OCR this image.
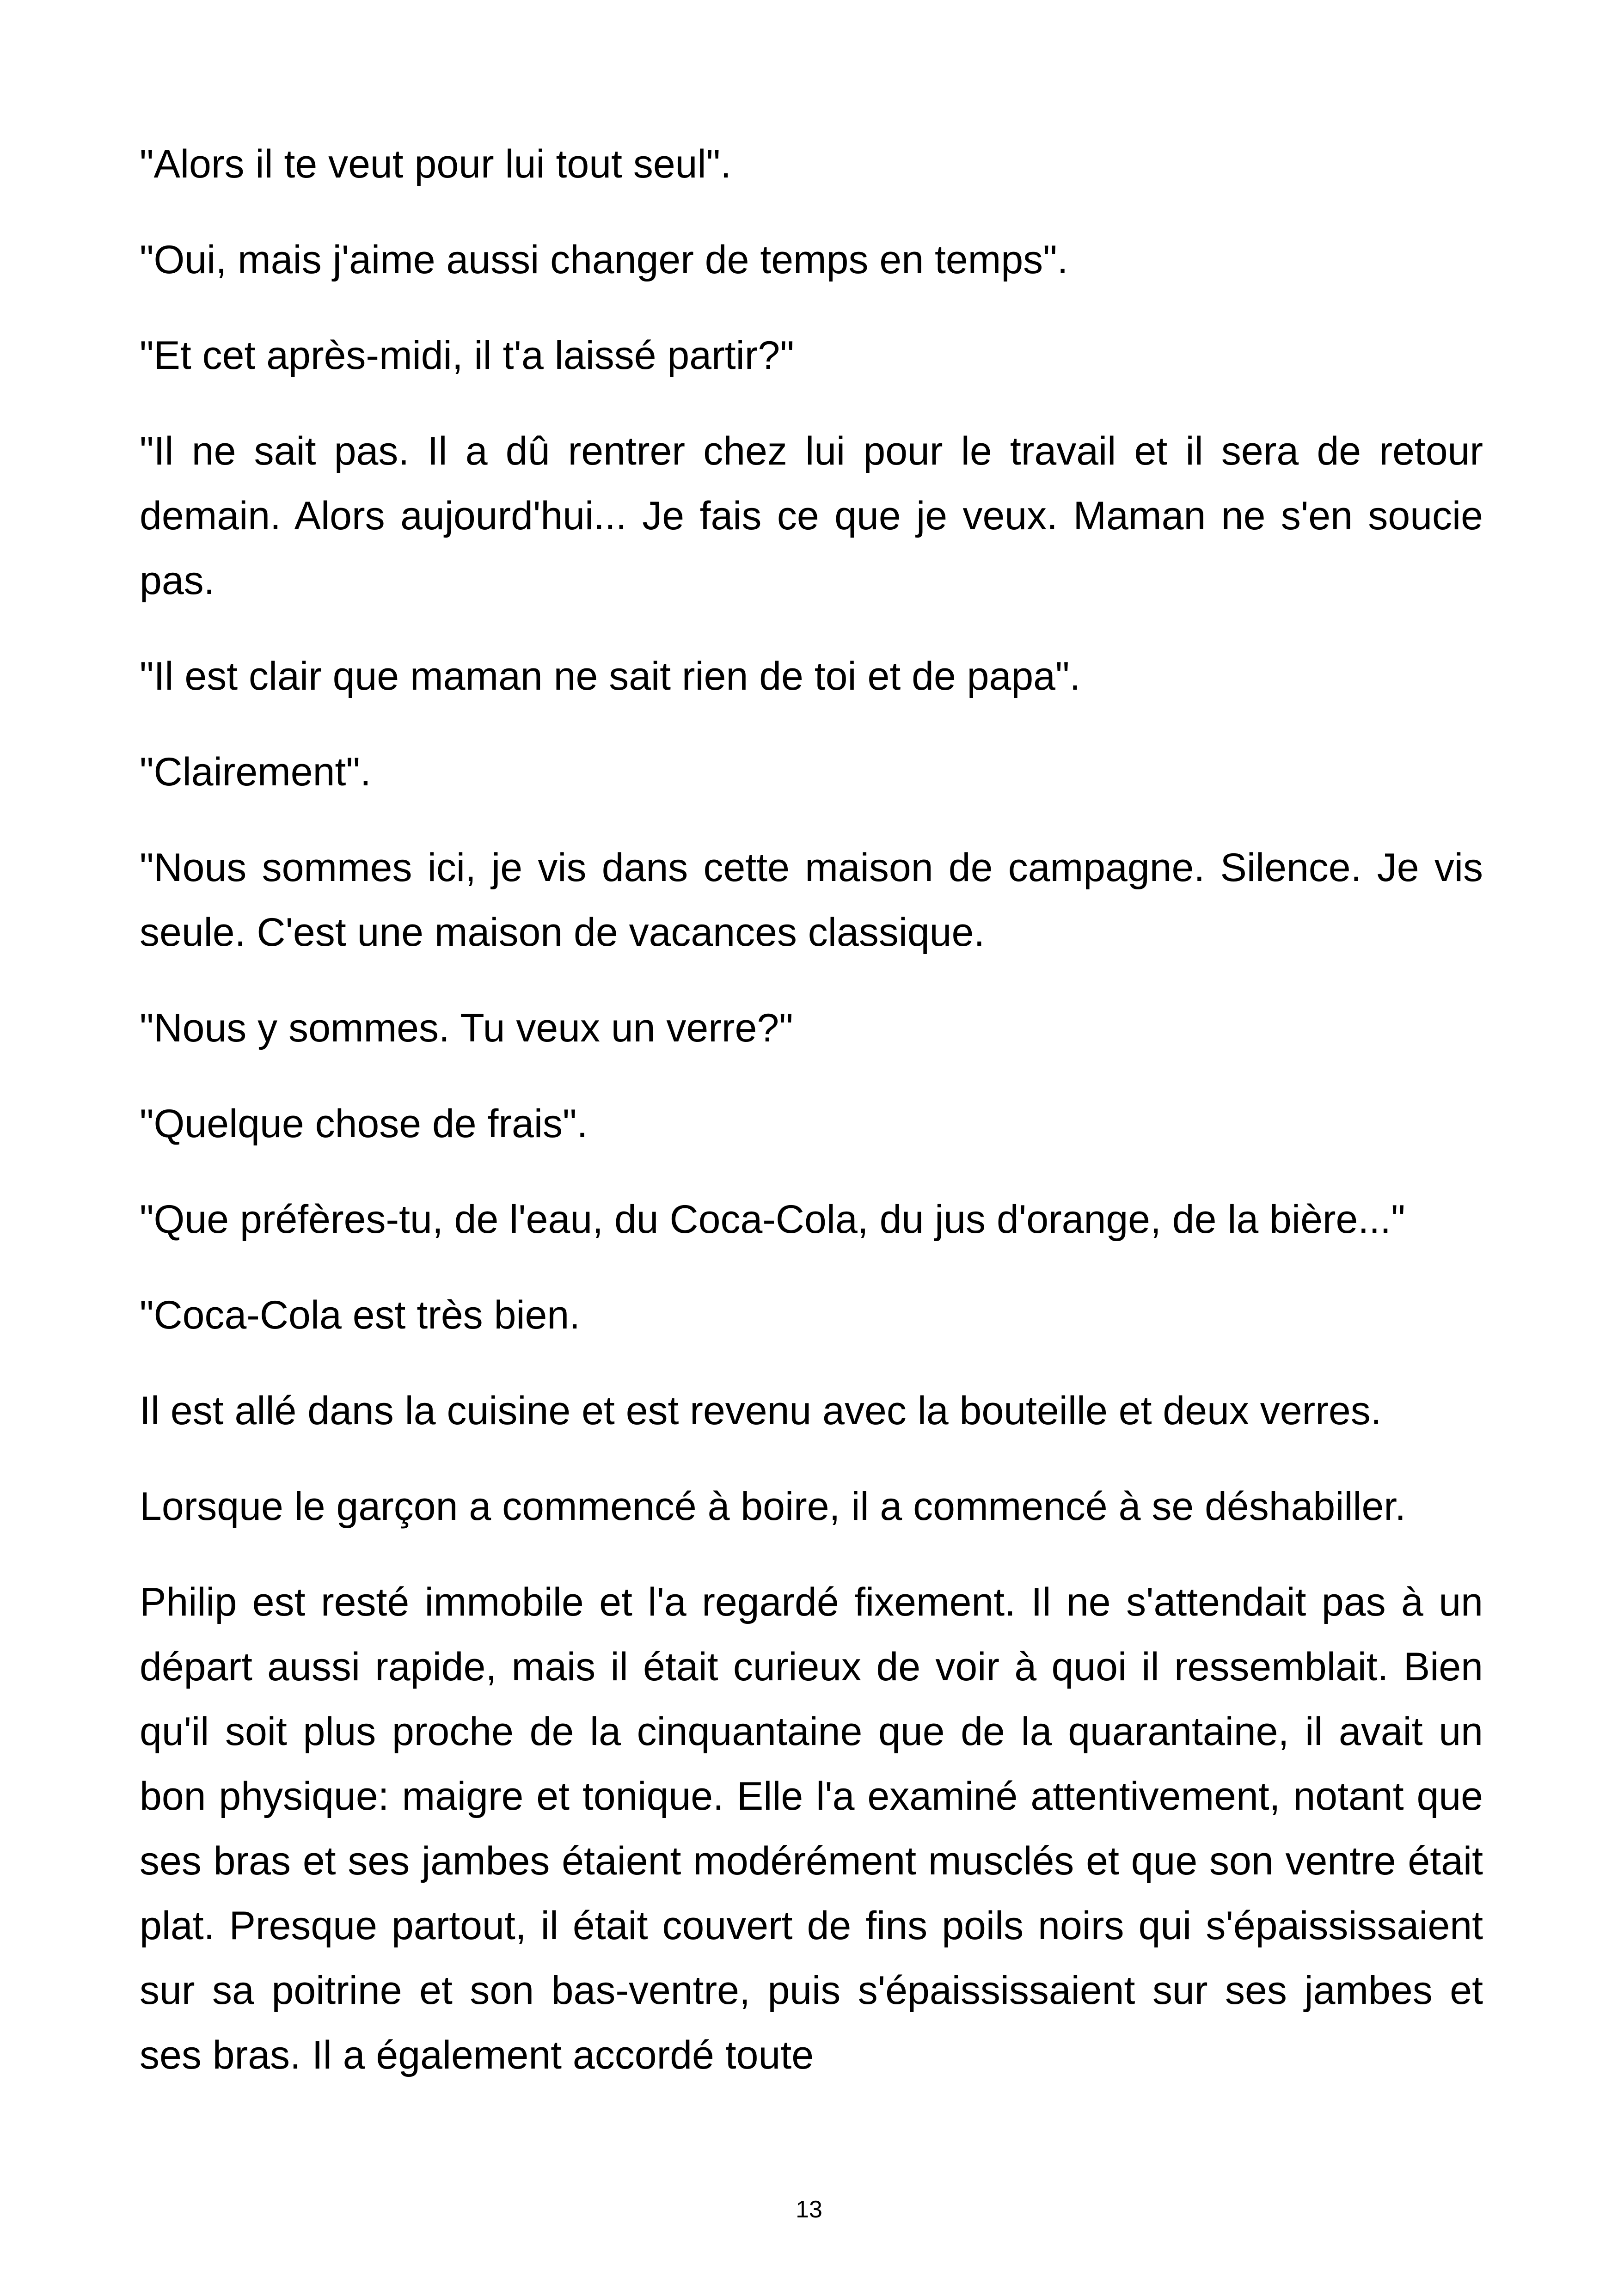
"Alors il te veut pour lui tout seul".

"Oui, mais j'aime aussi changer de temps en temps".

"Et cet après-midi, il t'a laissé partir?"

"Il ne sait pas. Il a dû rentrer chez lui pour le travail et il sera de retour demain. Alors aujourd'hui... Je fais ce que je veux. Maman ne s'en soucie pas.

"Il est clair que maman ne sait rien de toi et de papa".

"Clairement".

"Nous sommes ici, je vis dans cette maison de campagne. Silence. Je vis seule. C'est une maison de vacances classique.

"Nous y sommes. Tu veux un verre?"

"Quelque chose de frais".

"Que préfères-tu, de l'eau, du Coca-Cola, du jus d'orange, de la bière..."

"Coca-Cola est très bien.

Il est allé dans la cuisine et est revenu avec la bouteille et deux verres.

Lorsque le garçon a commencé à boire, il a commencé à se déshabiller.

Philip est resté immobile et l'a regardé fixement. Il ne s'attendait pas à un départ aussi rapide, mais il était curieux de voir à quoi il ressemblait. Bien qu'il soit plus proche de la cinquantaine que de la quarantaine, il avait un bon physique: maigre et tonique. Elle l'a examiné attentivement, notant que ses bras et ses jambes étaient modérément musclés et que son ventre était plat. Presque partout, il était couvert de fins poils noirs qui s'épaississaient sur sa poitrine et son bas-ventre, puis s'épaississaient sur ses jambes et ses bras. Il a également accordé toute

13
